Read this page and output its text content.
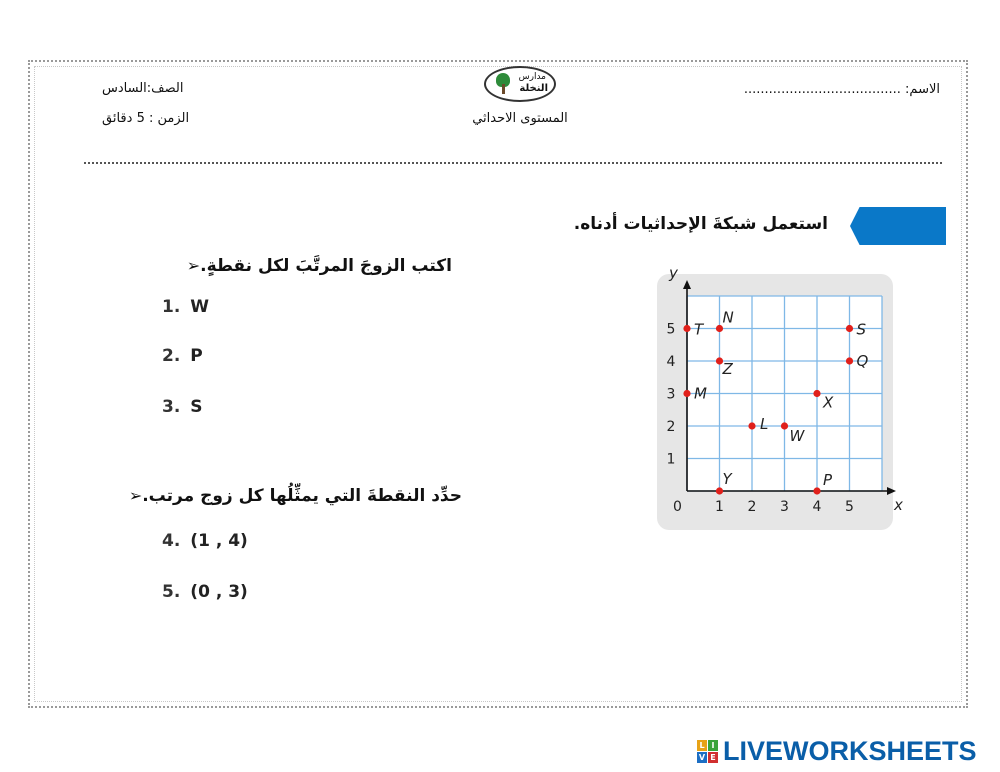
الاسم: ......................................
الصف:السادس
الزمن : 5 دقائق
مدارس
النخلة
المستوى الاحداثي
استعمل شبكةَ الإحداثيات أدناه.
اكتب الزوجَ المرتَّبَ لكل نقطةٍ.➢
1. W
2. P
3. S
حدِّد النقطةَ التي يمثِّلُها كل زوج مرتب.➢
4. (1 , 4)
5. (0 , 3)
x
y
0 1 2 3 4 5
1
2
3
4
5 T
N
S
Z	Q
M	X
L
W
Y	P
L I
V E LIVEWORKSHEETS
